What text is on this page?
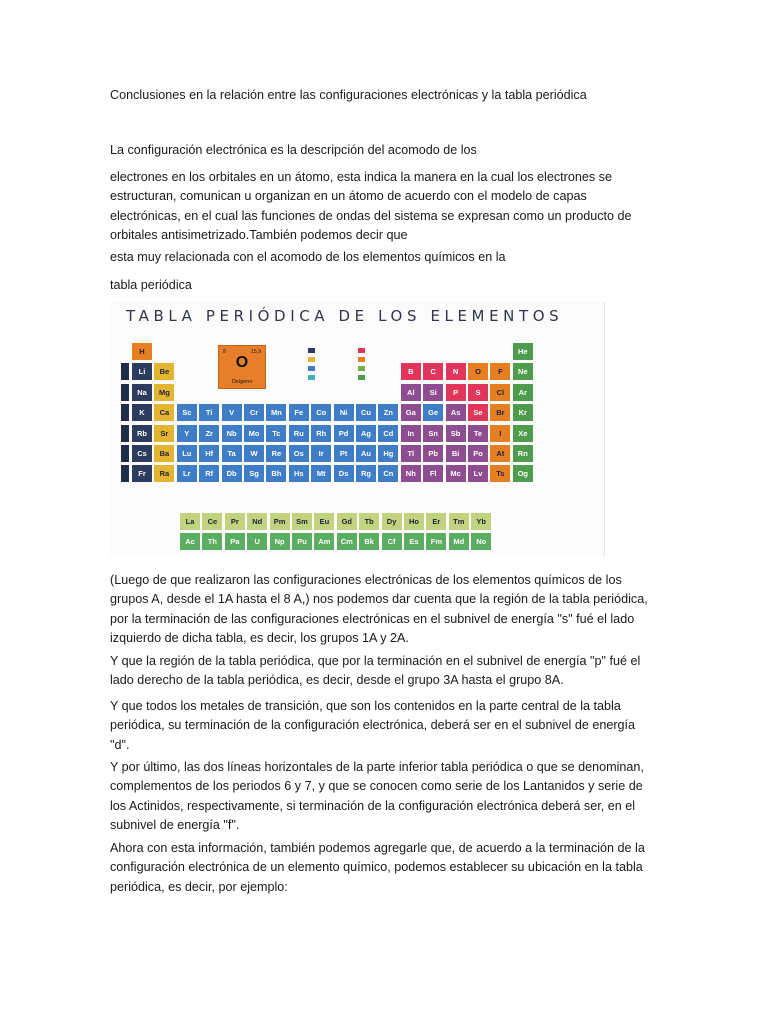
Conclusiones en la relación entre las configuraciones electrónicas y la tabla periódica
La configuración electrónica es la descripción del acomodo de los
electrones en los orbitales en un átomo, esta indica la manera en la cual los electrones se estructuran, comunican u organizan en un átomo de acuerdo con el modelo de capas electrónicas, en el cual las funciones de ondas del sistema se expresan como un producto de orbitales antisimetrizado.También podemos decir que
esta muy relacionada con el acomodo de los elementos químicos en la
tabla periódica
TABLA PERIÓDICA DE LOS ELEMENTOS
8	15,9
O
Oxígeno
H	He
Li	Be	B	C	N	O	F	Ne
Na	Mg	Al	Si	P	S	Cl	Ar
K	Ca	Sc	Ti	V	Cr	Mn	Fe	Co	Ni	Cu	Zn	Ga	Ge	As	Se	Br	Kr
Rb	Sr	Y	Zr	Nb	Mo	Tc	Ru	Rh	Pd	Ag	Cd	In	Sn	Sb	Te	I	Xe
Cs	Ba	Lu	Hf	Ta	W	Re	Os	Ir	Pt	Au	Hg	Tl	Pb	Bi	Po	At	Rn
Fr	Ra	Lr	Rf	Db	Sg	Bh	Hs	Mt	Ds	Rg	Cn	Nh	Fl	Mc	Lv	Ts	Og
La	Ce	Pr	Nd	Pm	Sm	Eu	Gd	Tb	Dy	Ho	Er	Tm	Yb
Ac	Th	Pa	U	Np	Pu	Am	Cm	Bk	Cf	Es	Fm	Md	No
(Luego de que realizaron las configuraciones electrónicas de los elementos químicos de los grupos A, desde el 1A hasta el 8 A,) nos podemos dar cuenta que la región de la tabla periódica, por la terminación de las configuraciones electrónicas en el subnivel de energía "s" fué el lado izquierdo de dicha tabla, es decir, los grupos 1A y 2A.
Y que la región de la tabla periódica, que por la terminación en el subnivel de energía "p" fué el lado derecho de la tabla periódica, es decir, desde el grupo 3A hasta el grupo 8A.
Y que todos los metales de transición, que son los contenidos en la parte central de la tabla periódica, su terminación de la configuración electrónica, deberá ser en el subnivel de energía "d".
Y por último, las dos líneas horizontales de la parte inferior tabla periódica o que se denominan, complementos de los periodos 6 y 7, y que se conocen como serie de los Lantanidos y serie de los Actinidos, respectivamente, si terminación de la configuración electrónica deberá ser, en el subnivel de energía "f".
Ahora con esta información, también podemos agregarle que, de acuerdo a la terminación de la configuración electrónica de un elemento químico, podemos establecer su ubicación en la tabla periódica, es decir, por ejemplo:
